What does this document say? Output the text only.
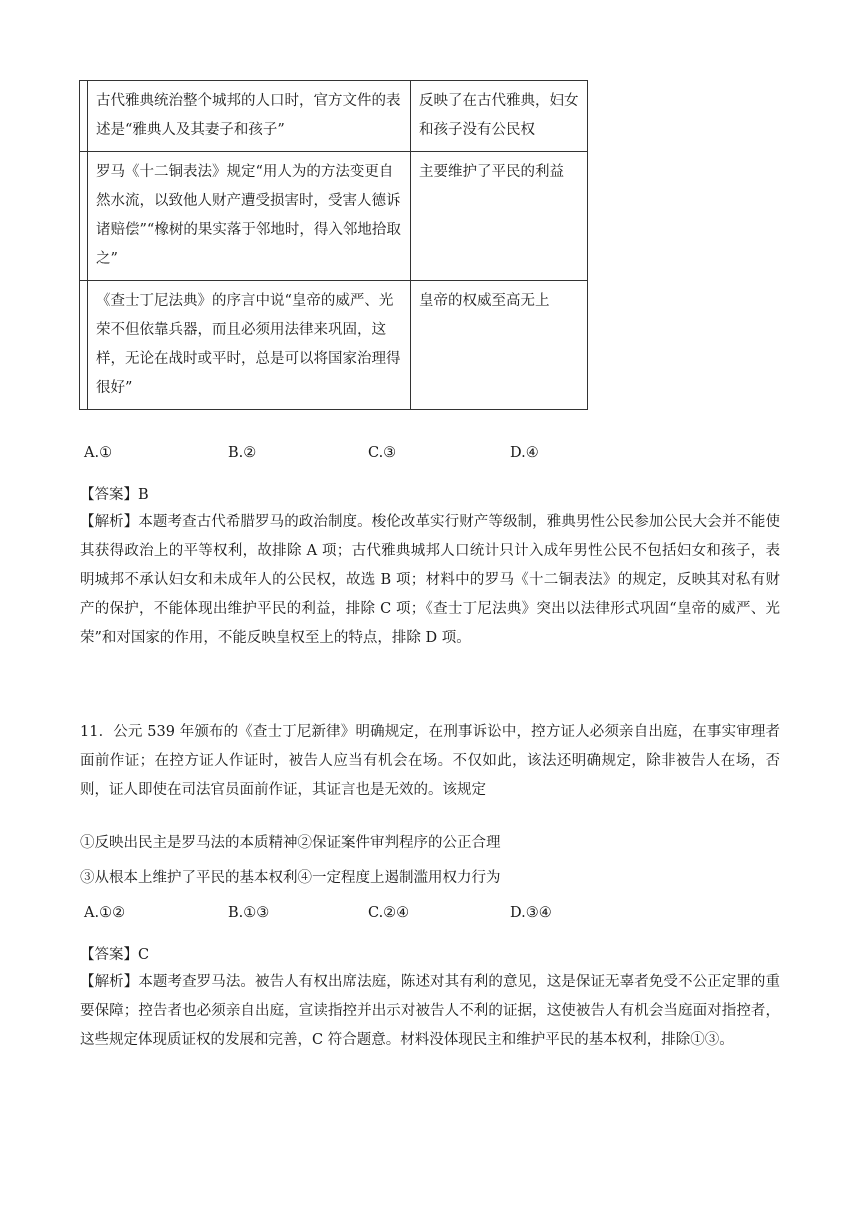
	古代雅典统治整个城邦的人口时，官方文件的表述是“雅典人及其妻子和孩子”	反映了在古代雅典，妇女和孩子没有公民权
	罗马《十二铜表法》规定“用人为的方法变更自然水流，以致他人财产遭受损害时，受害人德诉诸赔偿”“橡树的果实落于邻地时，得入邻地拾取之”	主要维护了平民的利益
	《查士丁尼法典》的序言中说“皇帝的威严、光荣不但依靠兵器，而且必须用法律来巩固，这样，无论在战时或平时，总是可以将国家治理得很好”	皇帝的权威至高无上
A.①	B.②	C.③	D.④
【答案】B

【解析】本题考查古代希腊罗马的政治制度。梭伦改革实行财产等级制，雅典男性公民参加公民大会并不能使其获得政治上的平等权利，故排除 A 项；古代雅典城邦人口统计只计入成年男性公民不包括妇女和孩子，表明城邦不承认妇女和未成年人的公民权，故选 B 项；材料中的罗马《十二铜表法》的规定，反映其对私有财产的保护，不能体现出维护平民的利益，排除 C 项；《查士丁尼法典》突出以法律形式巩固“皇帝的威严、光荣”和对国家的作用，不能反映皇权至上的特点，排除 D 项。

11．公元 539 年颁布的《查士丁尼新律》明确规定，在刑事诉讼中，控方证人必须亲自出庭，在事实审理者面前作证；在控方证人作证时，被告人应当有机会在场。不仅如此，该法还明确规定，除非被告人在场，否则，证人即使在司法官员面前作证，其证言也是无效的。该规定

①反映出民主是罗马法的本质精神②保证案件审判程序的公正合理
③从根本上维护了平民的基本权利④一定程度上遏制滥用权力行为
A.①②	B.①③	C.②④	D.③④
【答案】C

【解析】本题考查罗马法。被告人有权出席法庭，陈述对其有利的意见，这是保证无辜者免受不公正定罪的重要保障；控告者也必须亲自出庭，宣读指控并出示对被告人不利的证据，这使被告人有机会当庭面对指控者，这些规定体现质证权的发展和完善，C 符合题意。材料没体现民主和维护平民的基本权利，排除①③。
